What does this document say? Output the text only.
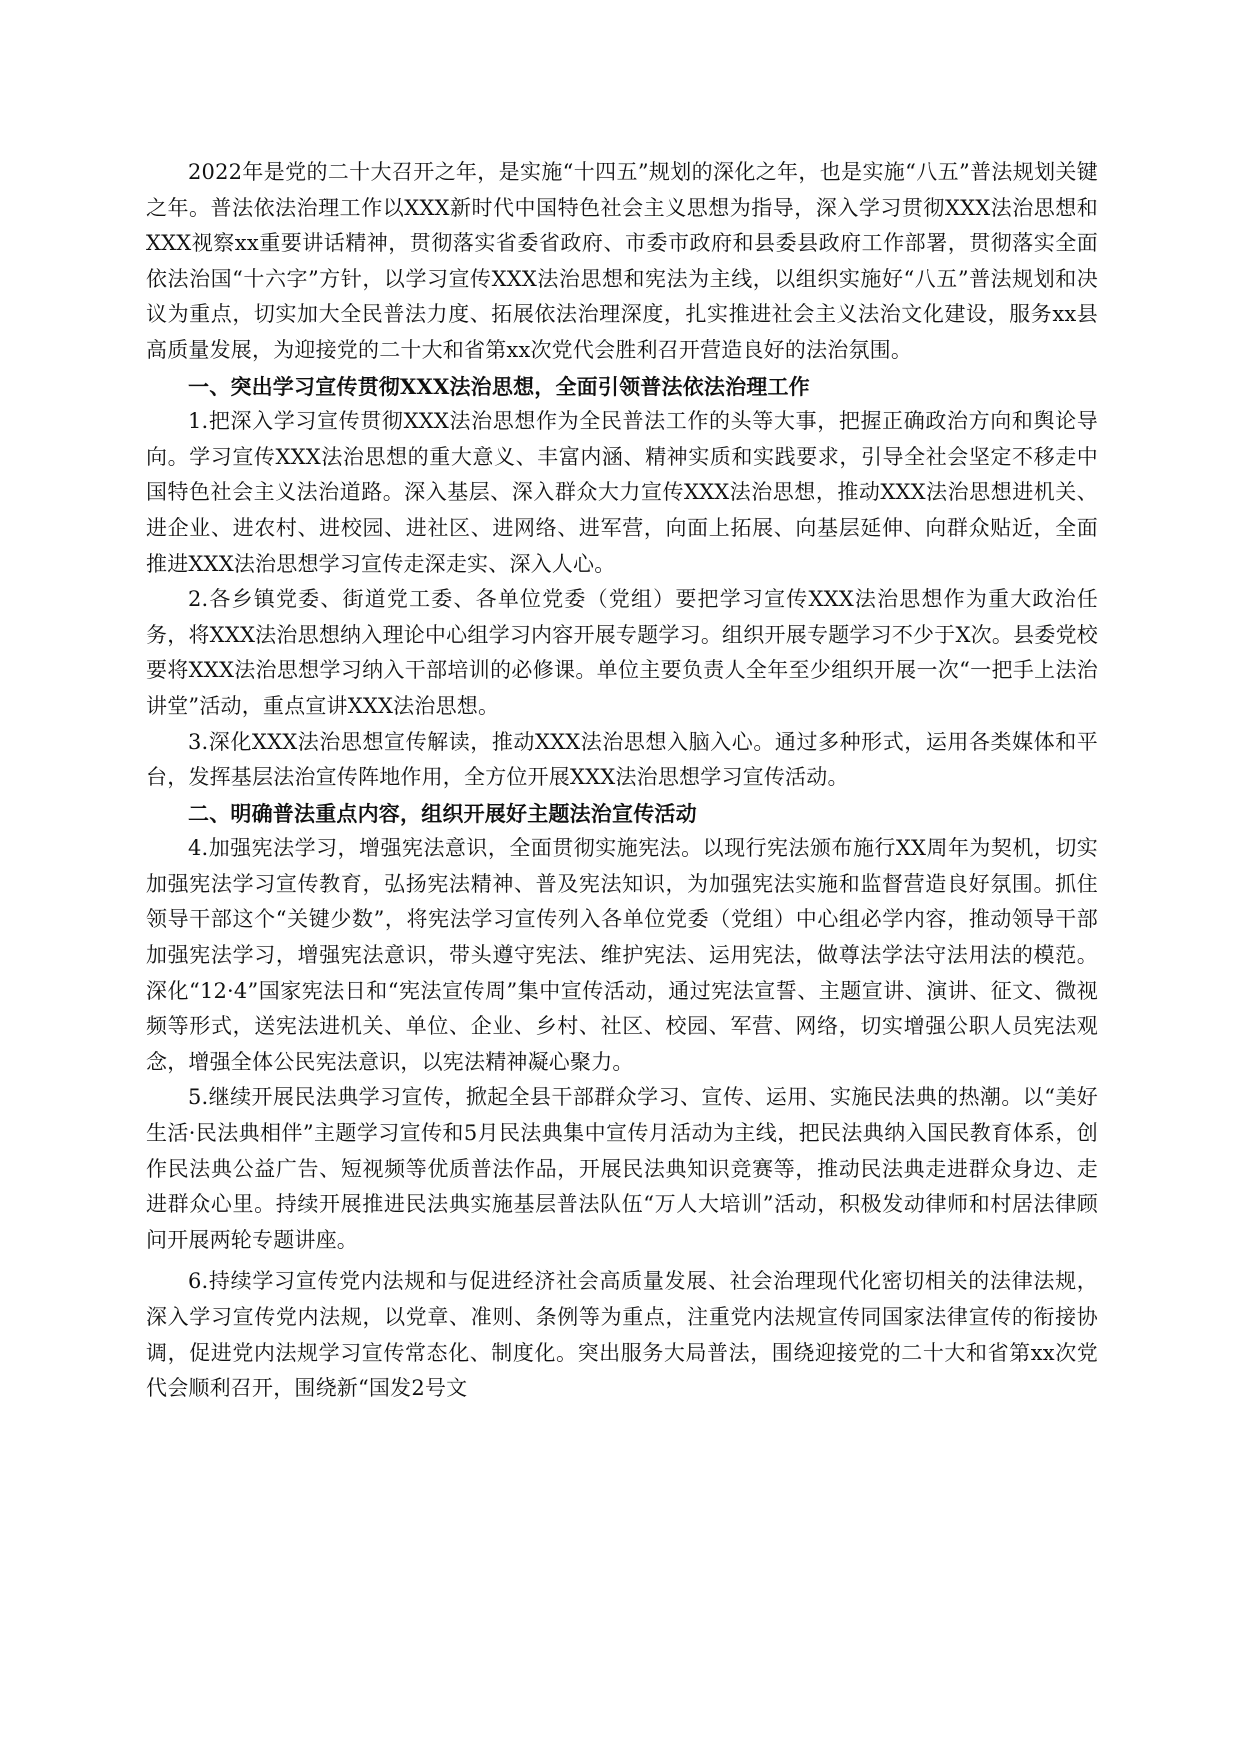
2022年是党的二十大召开之年，是实施“十四五”规划的深化之年，也是实施“八五”普法规划关键之年。普法依法治理工作以XXX新时代中国特色社会主义思想为指导，深入学习贯彻XXX法治思想和XXX视察xx重要讲话精神，贯彻落实省委省政府、市委市政府和县委县政府工作部署，贯彻落实全面依法治国“十六字”方针，以学习宣传XXX法治思想和宪法为主线，以组织实施好“八五”普法规划和决议为重点，切实加大全民普法力度、拓展依法治理深度，扎实推进社会主义法治文化建设，服务xx县高质量发展，为迎接党的二十大和省第xx次党代会胜利召开营造良好的法治氛围。

一、突出学习宣传贯彻XXX法治思想，全面引领普法依法治理工作

1.把深入学习宣传贯彻XXX法治思想作为全民普法工作的头等大事，把握正确政治方向和舆论导向。学习宣传XXX法治思想的重大意义、丰富内涵、精神实质和实践要求，引导全社会坚定不移走中国特色社会主义法治道路。深入基层、深入群众大力宣传XXX法治思想，推动XXX法治思想进机关、进企业、进农村、进校园、进社区、进网络、进军营，向面上拓展、向基层延伸、向群众贴近，全面推进XXX法治思想学习宣传走深走实、深入人心。

2.各乡镇党委、街道党工委、各单位党委（党组）要把学习宣传XXX法治思想作为重大政治任务，将XXX法治思想纳入理论中心组学习内容开展专题学习。组织开展专题学习不少于X次。县委党校要将XXX法治思想学习纳入干部培训的必修课。单位主要负责人全年至少组织开展一次“一把手上法治讲堂”活动，重点宣讲XXX法治思想。

3.深化XXX法治思想宣传解读，推动XXX法治思想入脑入心。通过多种形式，运用各类媒体和平台，发挥基层法治宣传阵地作用，全方位开展XXX法治思想学习宣传活动。

二、明确普法重点内容，组织开展好主题法治宣传活动

4.加强宪法学习，增强宪法意识，全面贯彻实施宪法。以现行宪法颁布施行XX周年为契机，切实加强宪法学习宣传教育，弘扬宪法精神、普及宪法知识，为加强宪法实施和监督营造良好氛围。抓住领导干部这个“关键少数”，将宪法学习宣传列入各单位党委（党组）中心组必学内容，推动领导干部加强宪法学习，增强宪法意识，带头遵守宪法、维护宪法、运用宪法，做尊法学法守法用法的模范。深化“12·4”国家宪法日和“宪法宣传周”集中宣传活动，通过宪法宣誓、主题宣讲、演讲、征文、微视频等形式，送宪法进机关、单位、企业、乡村、社区、校园、军营、网络，切实增强公职人员宪法观念，增强全体公民宪法意识，以宪法精神凝心聚力。

5.继续开展民法典学习宣传，掀起全县干部群众学习、宣传、运用、实施民法典的热潮。以“美好生活·民法典相伴”主题学习宣传和5月民法典集中宣传月活动为主线，把民法典纳入国民教育体系，创作民法典公益广告、短视频等优质普法作品，开展民法典知识竞赛等，推动民法典走进群众身边、走进群众心里。持续开展推进民法典实施基层普法队伍“万人大培训”活动，积极发动律师和村居法律顾问开展两轮专题讲座。

6.持续学习宣传党内法规和与促进经济社会高质量发展、社会治理现代化密切相关的法律法规，深入学习宣传党内法规，以党章、准则、条例等为重点，注重党内法规宣传同国家法律宣传的衔接协调，促进党内法规学习宣传常态化、制度化。突出服务大局普法，围绕迎接党的二十大和省第xx次党代会顺利召开，围绕新“国发2号文
